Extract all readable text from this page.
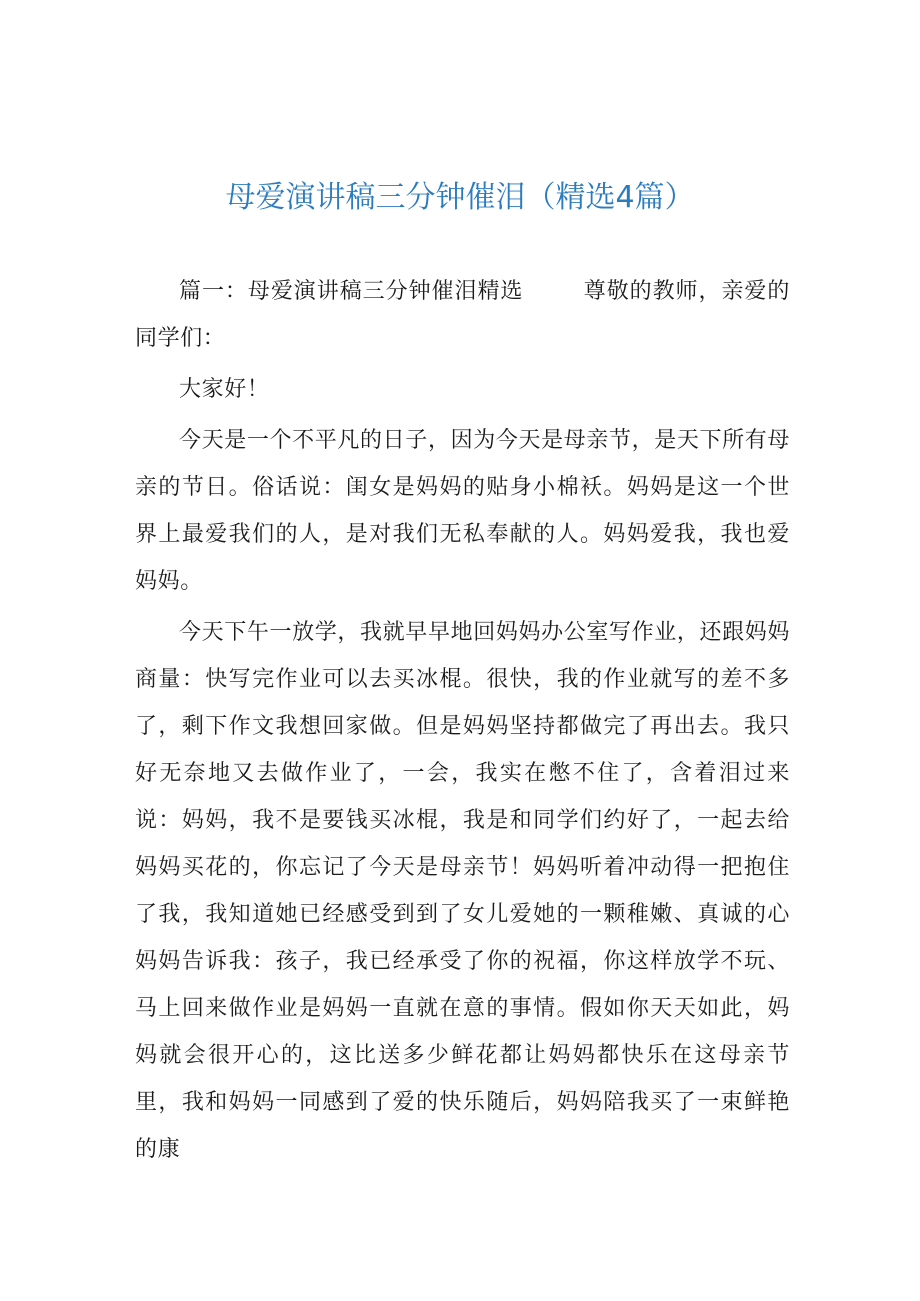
母爱演讲稿三分钟催泪（精选4篇）

篇一：母爱演讲稿三分钟催泪精选	尊敬的教师，亲爱的同学们：

大家好！

今天是一个不平凡的日子，因为今天是母亲节，是天下所有母亲的节日。俗话说：闺女是妈妈的贴身小棉袄。妈妈是这一个世界上最爱我们的人，是对我们无私奉献的人。妈妈爱我，我也爱妈妈。

今天下午一放学，我就早早地回妈妈办公室写作业，还跟妈妈商量：快写完作业可以去买冰棍。很快，我的作业就写的差不多了，剩下作文我想回家做。但是妈妈坚持都做完了再出去。我只好无奈地又去做作业了，一会，我实在憋不住了，含着泪过来说：妈妈，我不是要钱买冰棍，我是和同学们约好了，一起去给妈妈买花的，你忘记了今天是母亲节！妈妈听着冲动得一把抱住了我，我知道她已经感受到到了女儿爱她的一颗稚嫩、真诚的心妈妈告诉我：孩子，我已经承受了你的祝福，你这样放学不玩、马上回来做作业是妈妈一直就在意的事情。假如你天天如此，妈妈就会很开心的，这比送多少鲜花都让妈妈都快乐在这母亲节里，我和妈妈一同感到了爱的快乐随后，妈妈陪我买了一束鲜艳的康
